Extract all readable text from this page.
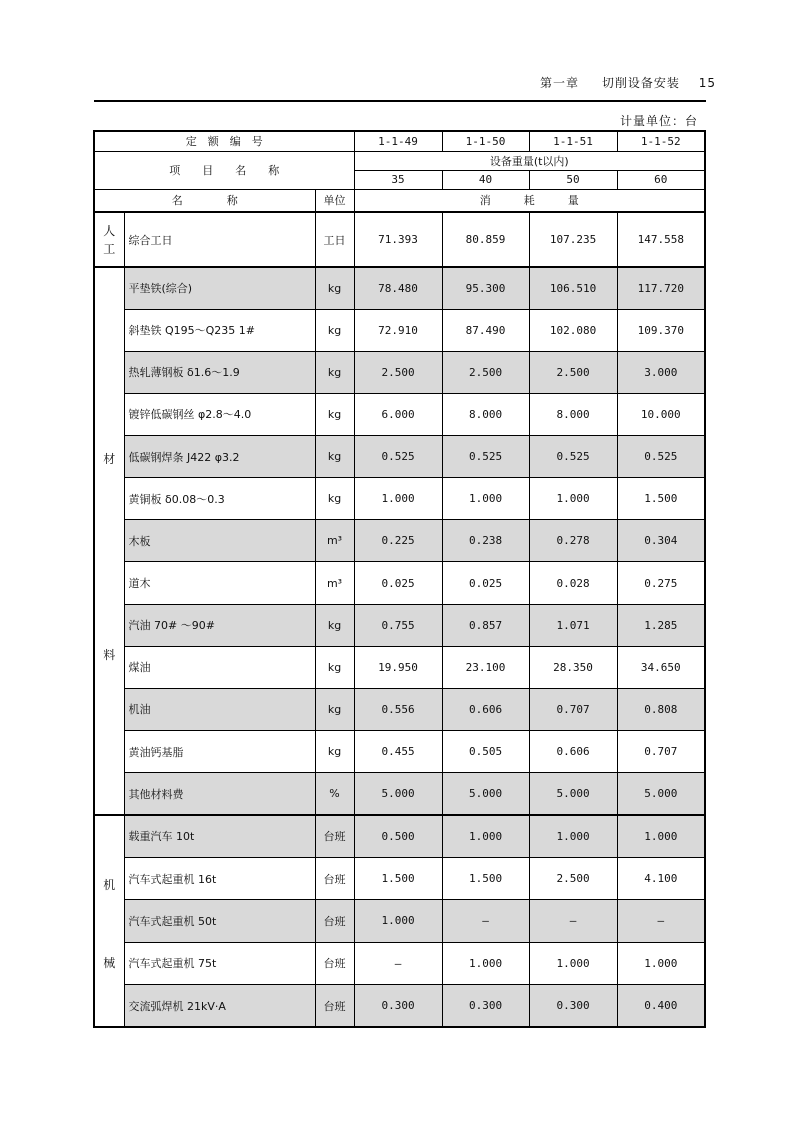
第一章 切削设备安装 15
计量单位：台
定　额　编　号			1-1-49	1-1-50	1-1-51	1-1-52
项　　目　　名　　称			设备重量(t以内)			
			35	40	50	60
名　　　　称		单位	消　　　耗　　　量			
人工	综合工日	工日	71.393	80.859	107.235	147.558

材
料	平垫铁(综合)	kg	78.480	95.300	106.510	117.720
	斜垫铁 Q195～Q235 1#	kg	72.910	87.490	102.080	109.370
	热轧薄钢板 δ1.6～1.9	kg	2.500	2.500	2.500	3.000
	镀锌低碳钢丝 φ2.8～4.0	kg	6.000	8.000	8.000	10.000
	低碳钢焊条 J422 φ3.2	kg	0.525	0.525	0.525	0.525
	黄铜板 δ0.08～0.3	kg	1.000	1.000	1.000	1.500
	木板	m³	0.225	0.238	0.278	0.304
	道木	m³	0.025	0.025	0.028	0.275
	汽油 70# ～90#	kg	0.755	0.857	1.071	1.285
	煤油	kg	19.950	23.100	28.350	34.650
	机油	kg	0.556	0.606	0.707	0.808
	黄油钙基脂	kg	0.455	0.505	0.606	0.707
	其他材料费	%	5.000	5.000	5.000	5.000

机
械	载重汽车 10t	台班	0.500	1.000	1.000	1.000
	汽车式起重机 16t	台班	1.500	1.500	2.500	4.100
	汽车式起重机 50t	台班	1.000	—	—	—
	汽车式起重机 75t	台班	—	1.000	1.000	1.000
	交流弧焊机 21kV·A	台班	0.300	0.300	0.300	0.400
